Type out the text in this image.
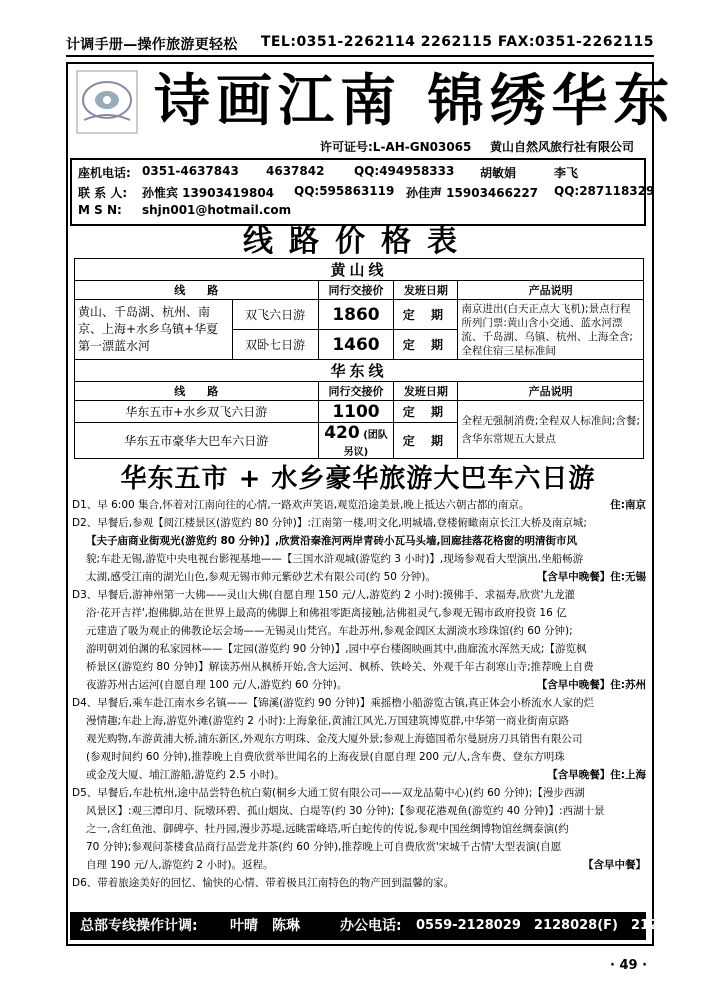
计调手册—操作旅游更轻松 TEL:0351-2262114 2262115 FAX:0351-2262115
诗画江南 锦绣华东
许可证号:L-AH-GN03065 黄山自然风旅行社有限公司
座机电话: 0351-4637843 4637842 QQ:494958333 胡敏娟	李飞
联 系 人: 孙惟宾 13903419804 QQ:595863119 孙佳声 15903466227 QQ:287118329
M S N: shjn001@hotmail.com
线路价格表
黄山线				
线　　路		同行交接价	发班日期	产品说明
黄山、千岛湖、杭州、南京、上海+水乡乌镇+华夏第一漂蓝水河	双飞六日游	1860	定 期	南京进出(白天正点大飞机);景点行程所列门票:黄山含小交通、蓝水河漂流、千岛湖、乌镇、杭州、上海全含;全程住宿三星标准间
	双卧七日游	1460	定 期	
华东线				
线　　路		同行交接价	发班日期	产品说明
华东五市+水乡双飞六日游		1100	定 期	全程无强制消费;全程双人标准间;含餐;含华东常规五大景点
华东五市豪华大巴车六日游		420 (团队另议)	定 期	
华东五市 + 水乡豪华旅游大巴车六日游

D1、早 6:00 集合,怀着对江南向往的心情,一路欢声笑语,观览沿途美景,晚上抵达六朝古都的南京。	住:南京

D2、早餐后,参观【阅江楼景区(游览约 80 分钟)】:江南第一楼,明文化,明城墙,登楼俯瞰南京长江大桥及南京城;

【夫子庙商业街观光(游览约 80 分钟)】,欣赏沿秦淮河两岸青砖小瓦马头墙,回廊挂落花格窗的明清街市风

貌;车赴无锡,游览中央电视台影视基地——【三国水浒观城(游览约 3 小时)】,现场参观看大型演出,坐船畅游

太湖,感受江南的湖光山色,参观无锡市帅元紫砂艺术有限公司(约 50 分钟)。	【含早中晚餐】住:无锡

D3、早餐后,游神州第一大佛——灵山大佛(自愿自理 150 元/人,游览约 2 小时):摸佛手、求福寿,欣赏'九龙灌

浴·花开吉祥',抱佛脚,站在世界上最高的佛脚上和佛祖零距离接触,沾佛祖灵气,参观无锡市政府投资 16 亿

元建造了吸为观止的佛教论坛会场——无锡灵山梵宫。车赴苏州,参观金阊区太湖淡水珍珠馆(约 60 分钟);

游明朝刘伯渊的私家园林——【定园(游览约 90 分钟)】,园中亭台楼阁映画其中,曲廊流水浑然天成;【游览枫

桥景区(游览约 80 分钟)】解读苏州从枫桥开始,含大运河、枫桥、铁岭关、外观千年古刹寒山寺;推荐晚上自费

夜游苏州古运河(自愿自理 100 元/人,游览约 60 分钟)。	【含早中晚餐】住:苏州

D4、早餐后,乘车赴江南水乡名镇——【锦溪(游览约 90 分钟)】乘摇橹小船游览古镇,真正体会小桥流水人家的烂

漫情趣;车赴上海,游览外滩(游览约 2 小时):上海象征,黄浦江风光,万国建筑博览群,中华第一商业街南京路

观光购物,车游黄浦大桥,浦东新区,外观东方明珠、金茂大厦外景;参观上海德国希尔曼厨房刀具销售有限公司

(参观时间约 60 分钟),推荐晚上自费欣赏举世闻名的上海夜景(自愿自理 200 元/人,含车费、登东方明珠

或金茂大厦、埔江游船,游览约 2.5 小时)。	【含早晚餐】住:上海

D5、早餐后,车赴杭州,途中品尝特色杭白菊(桐乡大通工贸有限公司——双龙品菊中心)(约 60 分钟);【漫步西湖

风景区】:观三潭印月、阮墩环碧、孤山烟岚、白堤等(约 30 分钟);【参观花港观鱼(游览约 40 分钟)】:西湖十景

之一,含红鱼池、御碑亭、牡丹园,漫步苏堤,远眺雷峰塔,听白蛇传的传说,参观中国丝绸博物馆丝绸泰演(约

70 分钟);参观问茶楼食品商行品尝龙井茶(约 60 分钟),推荐晚上可自费欣赏'宋城千古情'大型表演(自愿

自理 190 元/人,游览约 2 小时)。返程。	【含早中餐】

D6、带着旅途美好的回忆、愉快的心情、带着极具江南特色的物产回到温馨的家。

总部专线操作计调: 叶晴　陈琳	办公电话: 0559-2128029　2128028(F)　2128030
· 49 ·
